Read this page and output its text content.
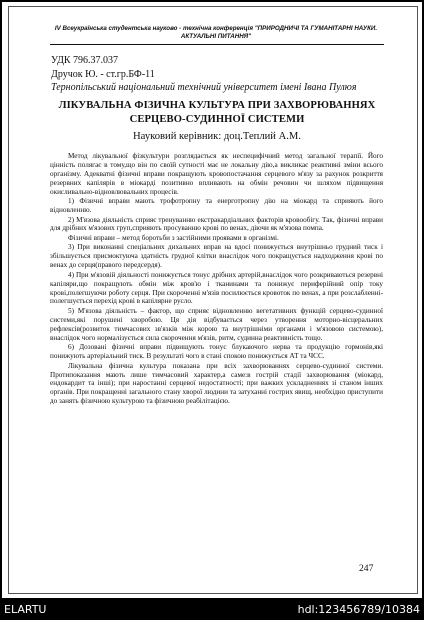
IV Всеукраїнська студентська науково - технічна конференція "ПРИРОДНИЧІ ТА ГУМАНІТАРНІ НАУКИ.
АКТУАЛЬНІ ПИТАННЯ"
УДК 796.37.037
Дручок Ю. - ст.гр.БФ-11
Тернопільський національний технічний університет імені Івана Пулюя
ЛІКУВАЛЬНА ФІЗИЧНА КУЛЬТУРА ПРИ ЗАХВОРЮВАННЯХ СЕРЦЕВО-СУДИННОЇ СИСТЕМИ
Науковий керівник: доц.Теплий А.М.

Метод лікувальної фізкультури розглядається як неспецифічний метод загальної терапії. Його цінність полягає в тому,що він по своїй сутності має не локальну дію,а викликає реактивні зміни всього організму. Адекватні фізичні вправи покращують кровопостачання серцевого м'язу за рахунок розкриття резервних капілярів в міокарді позитивно впливають на обмін речовин чи шляхом підвищення окисливально-відновлювальних процесів.

1) Фізичні вправи мають трофотропну та енерготропну дію на міокард та сприяють його відновленню.

2) М'язова діяльність сприяє тренуванню екстракардіальних факторів кровообігу. Так, фізичні вправи для дрібних м'язових груп,сприяють просуванню крові по венах, діючи як м'язова помпа.

Фізичні вправи – метод боротьби з застійними проявами в організмі.

3) При виконанні спеціальних дихальних вправ на вдосі понижується внутрішньо грудний тиск і збільшується присмоктуюча здатність грудної клітки внаслідок чого покращується надходження крові по венах до серця(правого передсердя).

4) При м'язовій діяльності понижується тонус дрібних артерій,внаслідок чого розкриваються резервні капіляри,що покращують обмін між кров'ю і тканинами та понижує периферійний опір току крові,полегшуючи роботу серця. При скороченні м'язів посилюється кровоток по венах, а при розслабленні-полегшується перехід крові в капілярне русло.

5) М'язова діяльність – фактор, що сприяє відновленню вегетативних функцій серцево-судинної системи,які порушені хворобою. Ця дія відбувається через утворення моторно-вісцеральних рефлексів(розвиток тимчасових зв'язків між корою та внутрішніми органами і м'язовою системою), внаслідок чого нормалізується сила скорочення м'язів, ритм, судинна реактивність тощо.

6) Дозовані фізичні вправи підвищують тонус блукаючого нерва та продукцію гормонів,які понижують артеріальний тиск. В результаті чого в стані спокою понижується АТ та ЧСС.

Лікувальна фізична культура показана при всіх захворюваннях серцево-судинної системи. Протипоказання мають лише тимчасовий характер,а саме:в гострій стадії захворювання (міокард, ендокардит та інші); при наростанні серцевої недостатності; при важких ускладненнях зі станом інших органів. При покращенні загального стану хворої людини та затуханні гострих явищ, необхідно приступити до занять фізичною культурою та фізичною реабілітацією.

247
ELARTU	hdl:123456789/10384
